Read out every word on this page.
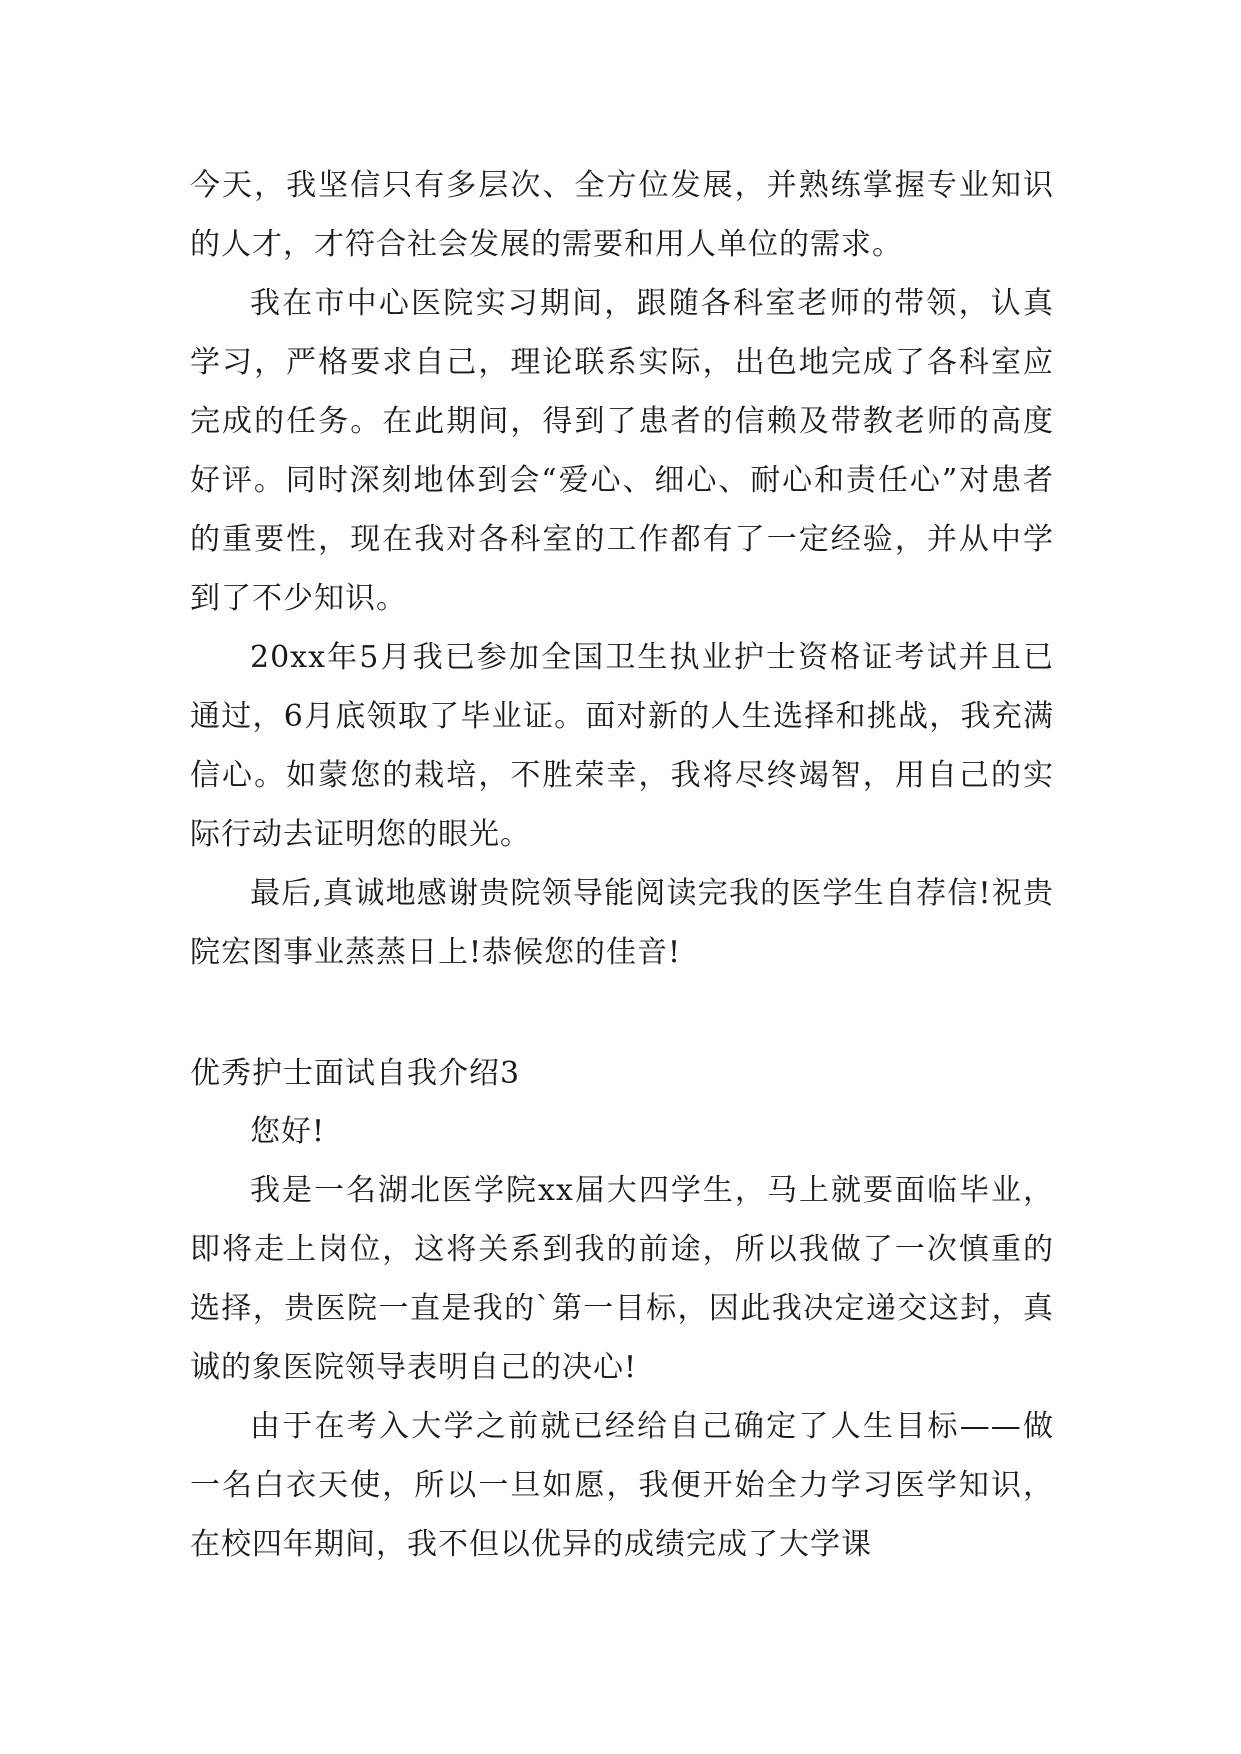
今天，我坚信只有多层次、全方位发展，并熟练掌握专业知识的人才，才符合社会发展的需要和用人单位的需求。

我在市中心医院实习期间，跟随各科室老师的带领，认真学习，严格要求自己，理论联系实际，出色地完成了各科室应完成的任务。在此期间，得到了患者的信赖及带教老师的高度好评。同时深刻地体到会“爱心、细心、耐心和责任心”对患者的重要性，现在我对各科室的工作都有了一定经验，并从中学到了不少知识。

20xx年5月我已参加全国卫生执业护士资格证考试并且已通过，6月底领取了毕业证。面对新的人生选择和挑战，我充满信心。如蒙您的栽培，不胜荣幸，我将尽终竭智，用自己的实际行动去证明您的眼光。

最后,真诚地感谢贵院领导能阅读完我的医学生自荐信!祝贵院宏图事业蒸蒸日上!恭候您的佳音!

优秀护士面试自我介绍3

您好!

我是一名湖北医学院xx届大四学生，马上就要面临毕业，即将走上岗位，这将关系到我的前途，所以我做了一次慎重的选择，贵医院一直是我的`第一目标，因此我决定递交这封，真诚的象医院领导表明自己的决心!

由于在考入大学之前就已经给自己确定了人生目标——做一名白衣天使，所以一旦如愿，我便开始全力学习医学知识，在校四年期间，我不但以优异的成绩完成了大学课
